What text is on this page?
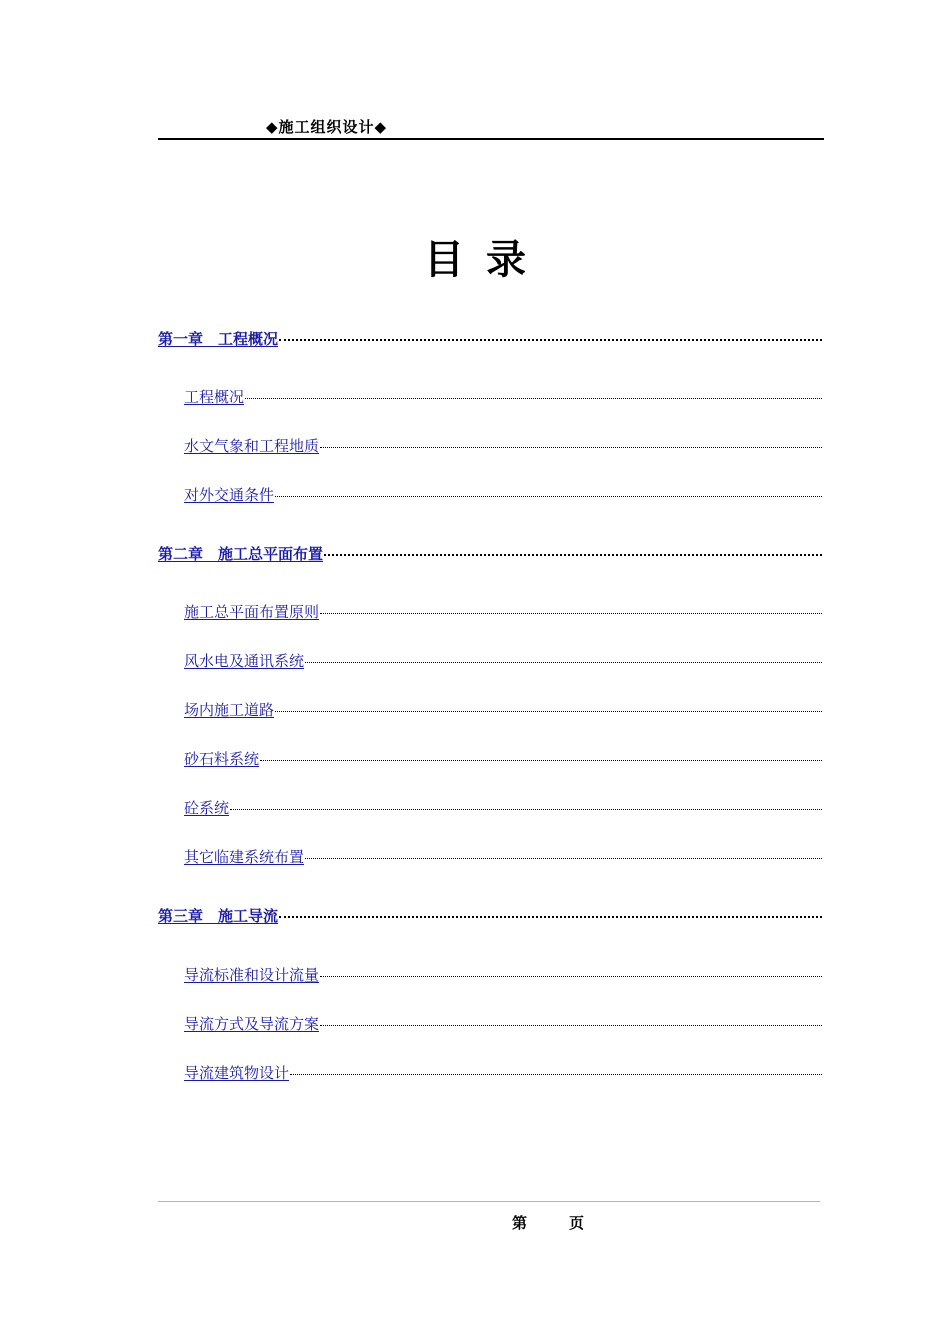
◆施工组织设计◆
目录
第一章　工程概况
工程概况
水文气象和工程地质
对外交通条件
第二章　施工总平面布置
施工总平面布置原则
风水电及通讯系统
场内施工道路
砂石料系统
砼系统
其它临建系统布置
第三章　施工导流
导流标准和设计流量
导流方式及导流方案
导流建筑物设计
第	页
